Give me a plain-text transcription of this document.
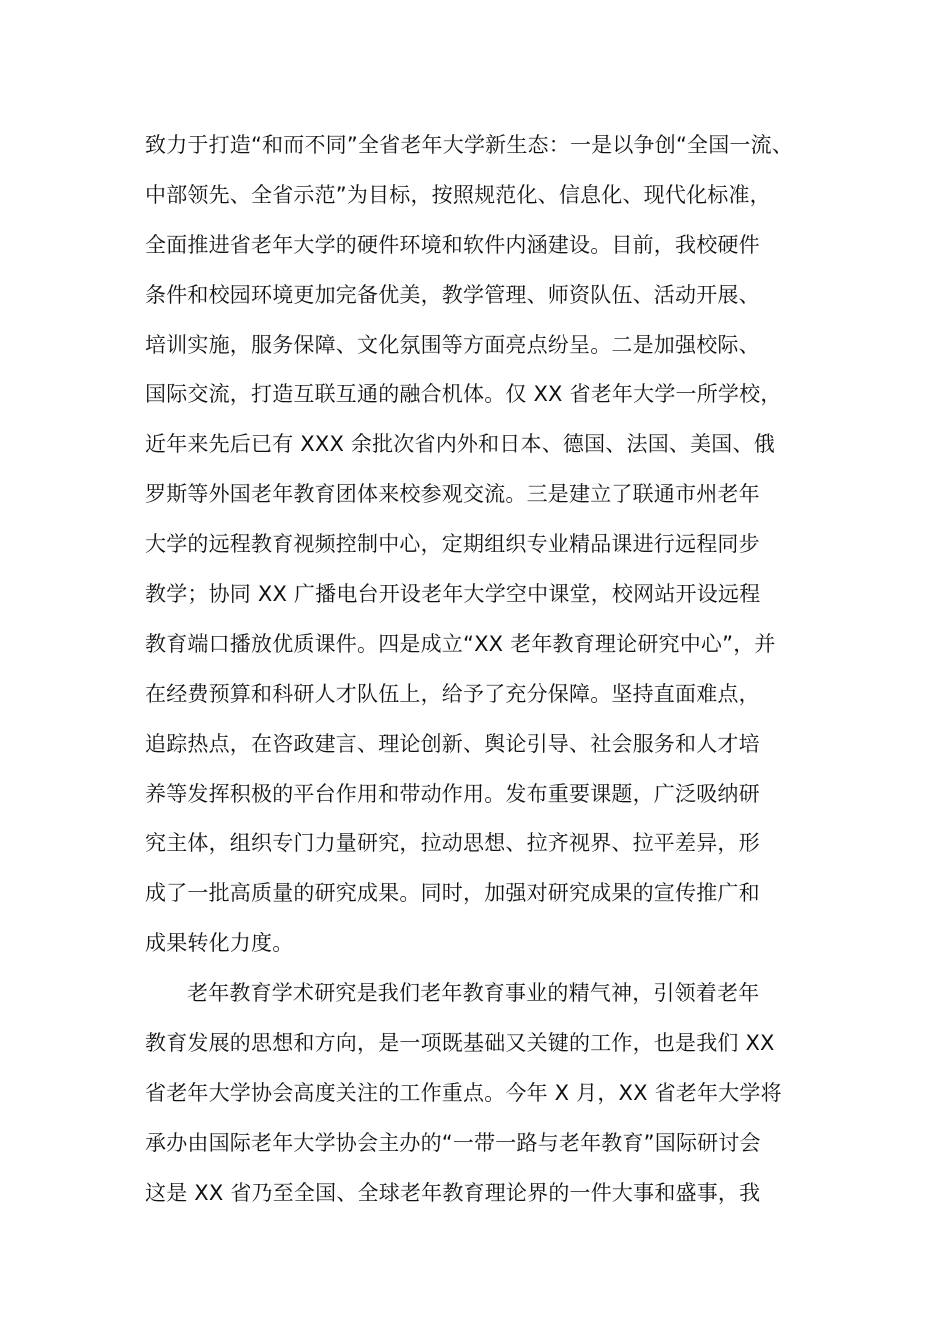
致力于打造“和而不同”全省老年大学新生态：一是以争创“全国一流、
中部领先、全省示范”为目标，按照规范化、信息化、现代化标准，
全面推进省老年大学的硬件环境和软件内涵建设。目前，我校硬件
条件和校园环境更加完备优美，教学管理、师资队伍、活动开展、
培训实施，服务保障、文化氛围等方面亮点纷呈。二是加强校际、
国际交流，打造互联互通的融合机体。仅 XX 省老年大学一所学校，
近年来先后已有 XXX 余批次省内外和日本、德国、法国、美国、俄
罗斯等外国老年教育团体来校参观交流。三是建立了联通市州老年
大学的远程教育视频控制中心，定期组织专业精品课进行远程同步
教学；协同 XX 广播电台开设老年大学空中课堂，校网站开设远程
教育端口播放优质课件。四是成立“XX 老年教育理论研究中心”，并
在经费预算和科研人才队伍上，给予了充分保障。坚持直面难点，
追踪热点，在咨政建言、理论创新、舆论引导、社会服务和人才培
养等发挥积极的平台作用和带动作用。发布重要课题，广泛吸纳研
究主体，组织专门力量研究，拉动思想、拉齐视界、拉平差异，形
成了一批高质量的研究成果。同时，加强对研究成果的宣传推广和
成果转化力度。
老年教育学术研究是我们老年教育事业的精气神，引领着老年
教育发展的思想和方向，是一项既基础又关键的工作，也是我们 XX
省老年大学协会高度关注的工作重点。今年 X 月，XX 省老年大学将
承办由国际老年大学协会主办的“一带一路与老年教育”国际研讨会
这是 XX 省乃至全国、全球老年教育理论界的一件大事和盛事，我
